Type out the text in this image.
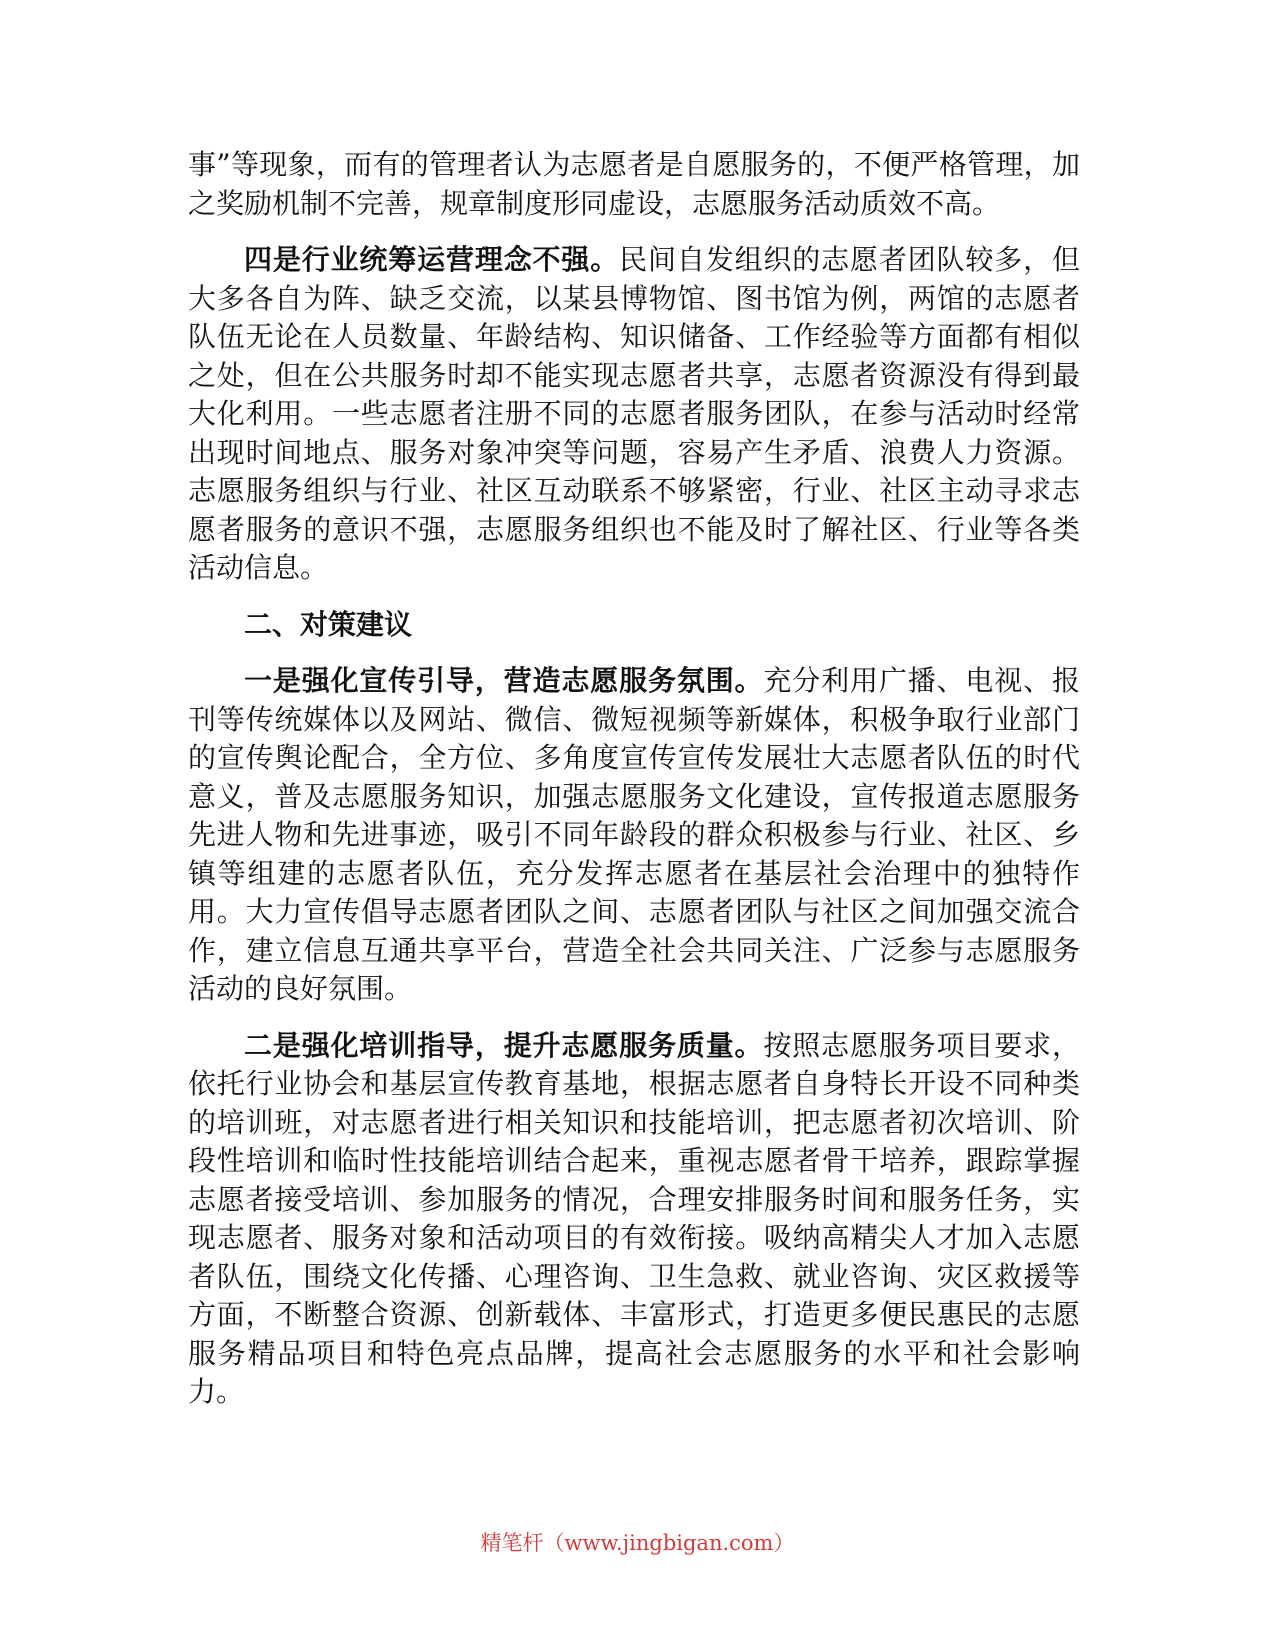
事”等现象，而有的管理者认为志愿者是自愿服务的，不便严格管理，加之奖励机制不完善，规章制度形同虚设，志愿服务活动质效不高。

四是行业统筹运营理念不强。民间自发组织的志愿者团队较多，但大多各自为阵、缺乏交流，以某县博物馆、图书馆为例，两馆的志愿者队伍无论在人员数量、年龄结构、知识储备、工作经验等方面都有相似之处，但在公共服务时却不能实现志愿者共享，志愿者资源没有得到最大化利用。一些志愿者注册不同的志愿者服务团队，在参与活动时经常出现时间地点、服务对象冲突等问题，容易产生矛盾、浪费人力资源。志愿服务组织与行业、社区互动联系不够紧密，行业、社区主动寻求志愿者服务的意识不强，志愿服务组织也不能及时了解社区、行业等各类活动信息。

二、对策建议

一是强化宣传引导，营造志愿服务氛围。充分利用广播、电视、报刊等传统媒体以及网站、微信、微短视频等新媒体，积极争取行业部门的宣传舆论配合，全方位、多角度宣传宣传发展壮大志愿者队伍的时代意义，普及志愿服务知识，加强志愿服务文化建设，宣传报道志愿服务先进人物和先进事迹，吸引不同年龄段的群众积极参与行业、社区、乡镇等组建的志愿者队伍，充分发挥志愿者在基层社会治理中的独特作用。大力宣传倡导志愿者团队之间、志愿者团队与社区之间加强交流合作，建立信息互通共享平台，营造全社会共同关注、广泛参与志愿服务活动的良好氛围。

二是强化培训指导，提升志愿服务质量。按照志愿服务项目要求，依托行业协会和基层宣传教育基地，根据志愿者自身特长开设不同种类的培训班，对志愿者进行相关知识和技能培训，把志愿者初次培训、阶段性培训和临时性技能培训结合起来，重视志愿者骨干培养，跟踪掌握志愿者接受培训、参加服务的情况，合理安排服务时间和服务任务，实现志愿者、服务对象和活动项目的有效衔接。吸纳高精尖人才加入志愿者队伍，围绕文化传播、心理咨询、卫生急救、就业咨询、灾区救援等方面，不断整合资源、创新载体、丰富形式，打造更多便民惠民的志愿服务精品项目和特色亮点品牌，提高社会志愿服务的水平和社会影响力。

精笔杆（www.jingbigan.com）
